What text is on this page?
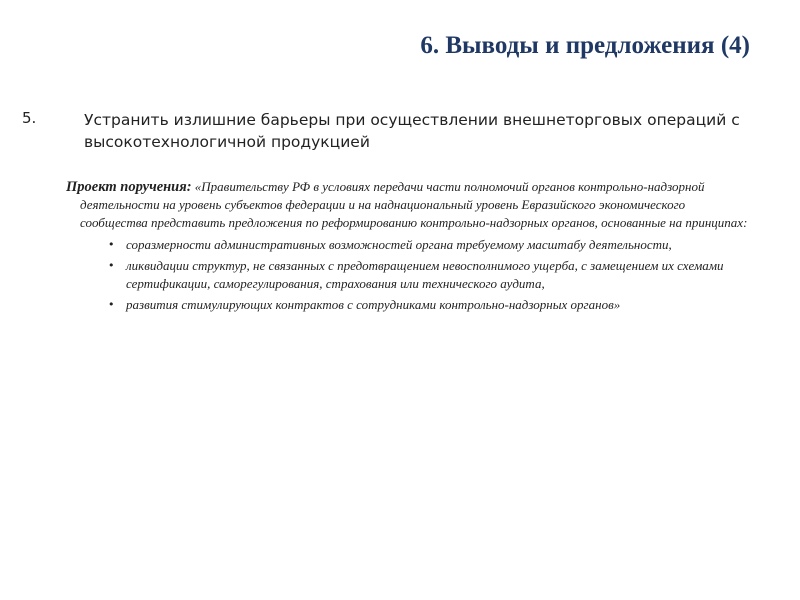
6. Выводы и предложения (4)
5.	Устранить излишние барьеры при осуществлении внешнеторговых операций с высокотехнологичной продукцией
Проект поручения: «Правительству РФ в условиях передачи части полномочий органов контрольно-надзорной деятельности на уровень субъектов федерации и на наднациональный уровень Евразийского экономического сообщества представить предложения по реформированию контрольно-надзорных органов, основанные на принципах:
• соразмерности административных возможностей органа требуемому масштабу деятельности,
• ликвидации структур, не связанных с предотвращением невосполнимого ущерба, с замещением их схемами сертификации, саморегулирования, страхования или технического аудита,
• развития стимулирующих контрактов с сотрудниками контрольно-надзорных органов»
